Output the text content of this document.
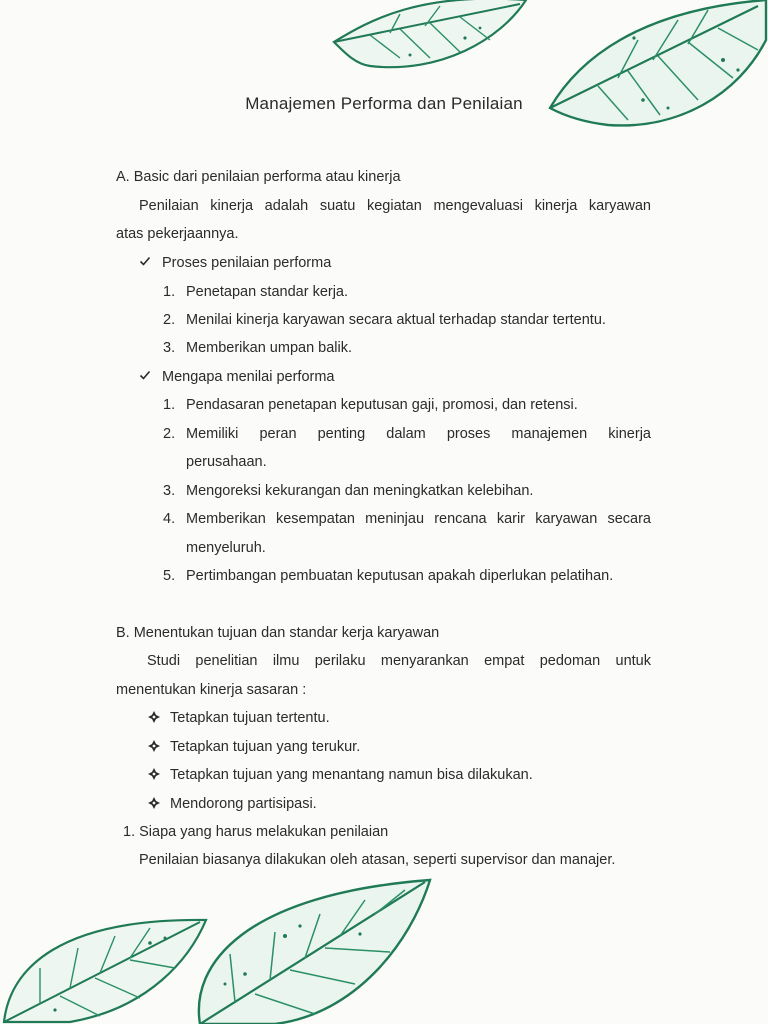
Manajemen Performa dan Penilaian
A. Basic dari penilaian performa atau kinerja
Penilaian kinerja adalah suatu kegiatan mengevaluasi kinerja karyawan
atas pekerjaannya.
Proses penilaian performa
1. Penetapan standar kerja.
2. Menilai kinerja karyawan secara aktual terhadap standar tertentu.
3. Memberikan umpan balik.
Mengapa menilai performa
1. Pendasaran penetapan keputusan gaji, promosi, dan retensi.
2. Memiliki peran penting dalam proses manajemen kinerja
perusahaan.
3. Mengoreksi kekurangan dan meningkatkan kelebihan.
4. Memberikan kesempatan meninjau rencana karir karyawan secara
menyeluruh.
5. Pertimbangan pembuatan keputusan apakah diperlukan pelatihan.
B. Menentukan tujuan dan standar kerja karyawan
Studi penelitian ilmu perilaku menyarankan empat pedoman untuk
menentukan kinerja sasaran :
Tetapkan tujuan tertentu.
Tetapkan tujuan yang terukur.
Tetapkan tujuan yang menantang namun bisa dilakukan.
Mendorong partisipasi.
1. Siapa yang harus melakukan penilaian
Penilaian biasanya dilakukan oleh atasan, seperti supervisor dan manajer.
